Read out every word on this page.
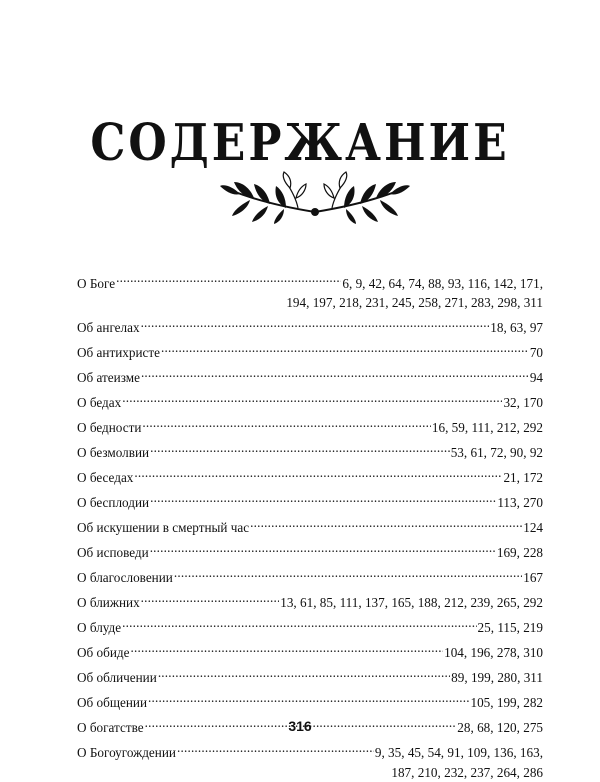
СОДЕРЖАНИЕ
О Боге .....	6, 9, 42, 64, 74, 88, 93, 116, 142, 171,
194, 197, 218, 231, 245, 258, 271, 283, 298, 311
Об ангелах .....	18, 63, 97
Об антихристе .....	70
Об атеизме .....	94
О бедах .....	32, 170
О бедности .....	16, 59, 111, 212, 292
О безмолвии .....	53, 61, 72, 90, 92
О беседах .....	21, 172
О бесплодии .....	113, 270
Об искушении в смертный час .....	124
Об исповеди .....	169, 228
О благословении .....	167
О ближних .....	13, 61, 85, 111, 137, 165, 188, 212, 239, 265, 292
О блуде .....	25, 115, 219
Об обиде .....	104, 196, 278, 310
Об обличении .....	89, 199, 280, 311
Об общении .....	105, 199, 282
О богатстве .....	28, 68, 120, 275
О Богоугождении .....	9, 35, 45, 54, 91, 109, 136, 163,
187, 210, 232, 237, 264, 286
316
